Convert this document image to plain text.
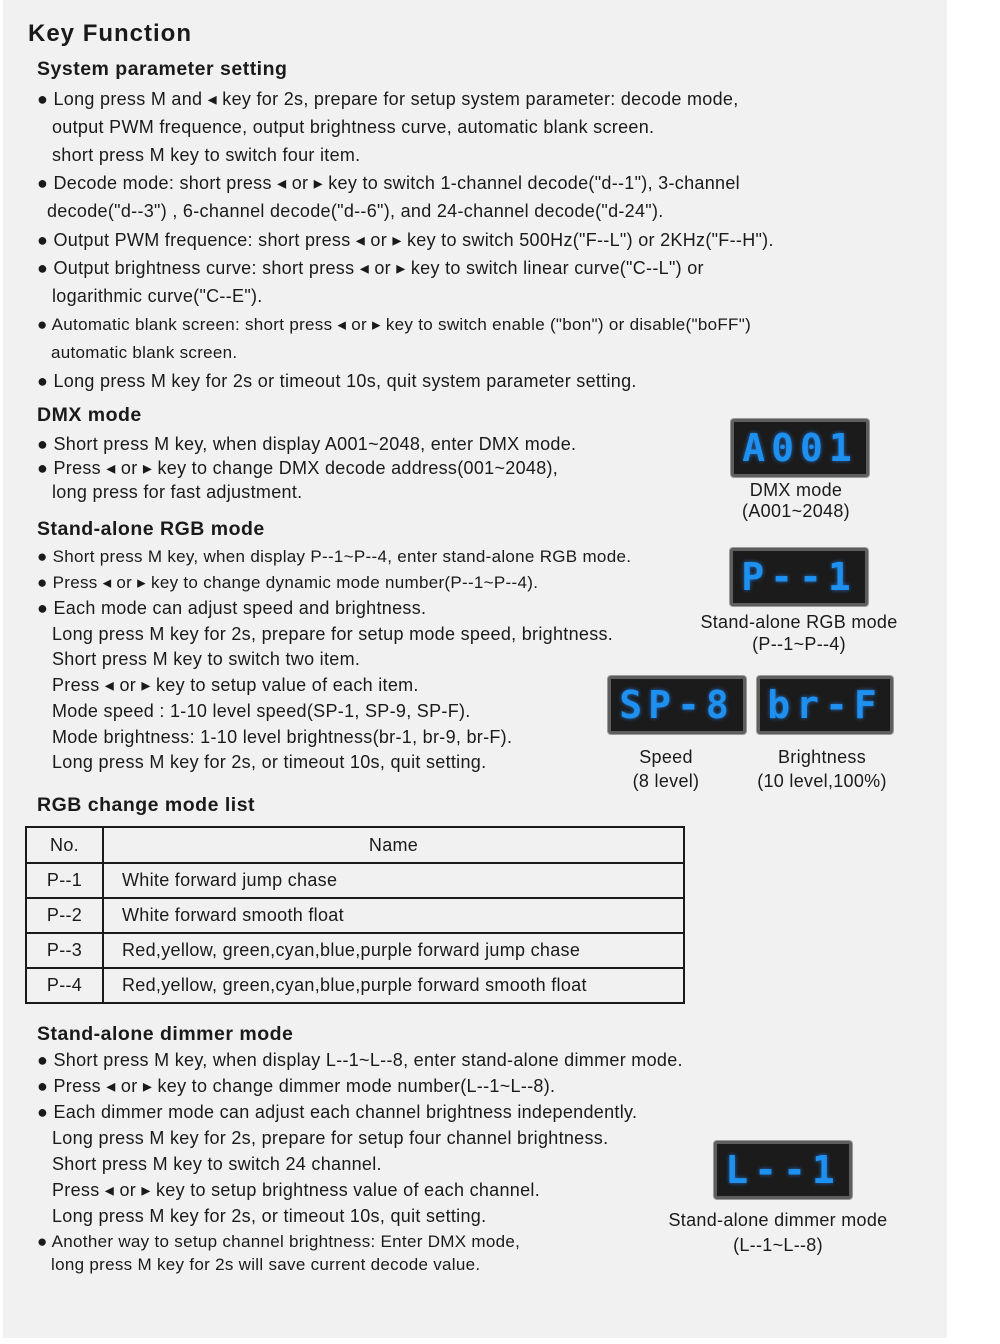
Key Function
System parameter setting
● Long press M and ◂ key for 2s, prepare for setup system parameter: decode mode,
output PWM frequence, output brightness curve, automatic blank screen.
short press M key to switch four item.
● Decode mode: short press ◂ or ▸ key to switch 1-channel decode("d--1"), 3-channel
decode("d--3") , 6-channel decode("d--6"), and 24-channel decode("d-24").
● Output PWM frequence: short press ◂ or ▸ key to switch 500Hz("F--L") or 2KHz("F--H").
● Output brightness curve: short press ◂ or ▸ key to switch linear curve("C--L") or
logarithmic curve("C--E").
● Automatic blank screen: short press ◂ or ▸ key to switch enable ("bon") or disable("boFF")
automatic blank screen.
● Long press M key for 2s or timeout 10s, quit system parameter setting.
DMX mode
● Short press M key, when display A001~2048, enter DMX mode.
● Press ◂ or ▸ key to change DMX decode address(001~2048),
long press for fast adjustment.
A001
DMX mode
(A001~2048)
Stand-alone RGB mode
● Short press M key, when display P--1~P--4, enter stand-alone RGB mode.
● Press ◂ or ▸ key to change dynamic mode number(P--1~P--4).
● Each mode can adjust speed and brightness.
Long press M key for 2s, prepare for setup mode speed, brightness.
Short press M key to switch two item.
Press ◂ or ▸ key to setup value of each item.
Mode speed : 1-10 level speed(SP-1, SP-9, SP-F).
Mode brightness: 1-10 level brightness(br-1, br-9, br-F).
Long press M key for 2s, or timeout 10s, quit setting.
P--1
Stand-alone RGB mode
(P--1~P--4)
SP-8 br-F
Speed
(8 level)
Brightness
(10 level,100%)
RGB change mode list
No.	Name
P--1	White forward jump chase
P--2	White forward smooth float
P--3	Red,yellow, green,cyan,blue,purple forward jump chase
P--4	Red,yellow, green,cyan,blue,purple forward smooth float
Stand-alone dimmer mode
● Short press M key, when display L--1~L--8, enter stand-alone dimmer mode.
● Press ◂ or ▸ key to change dimmer mode number(L--1~L--8).
● Each dimmer mode can adjust each channel brightness independently.
Long press M key for 2s, prepare for setup four channel brightness.
Short press M key to switch 24 channel.
Press ◂ or ▸ key to setup brightness value of each channel.
Long press M key for 2s, or timeout 10s, quit setting.
● Another way to setup channel brightness: Enter DMX mode,
long press M key for 2s will save current decode value.
L--1
Stand-alone dimmer mode
(L--1~L--8)
